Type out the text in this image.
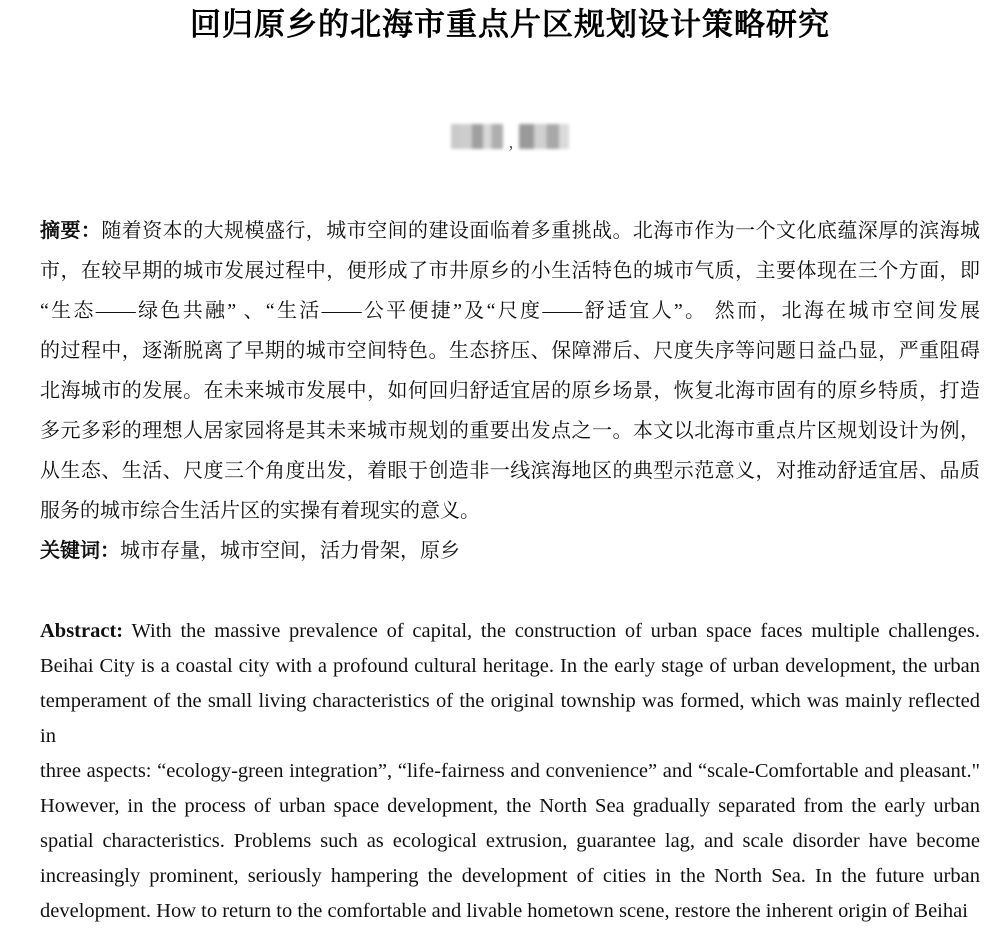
回归原乡的北海市重点片区规划设计策略研究
,
摘要：随着资本的大规模盛行，城市空间的建设面临着多重挑战。北海市作为一个文化底蕴深厚的滨海城
市，在较早期的城市发展过程中，便形成了市井原乡的小生活特色的城市气质，主要体现在三个方面，即
“生态——绿色共融” 、“生活——公平便捷”及“尺度——舒适宜人”。 然而，北海在城市空间发展
的过程中，逐渐脱离了早期的城市空间特色。生态挤压、保障滞后、尺度失序等问题日益凸显，严重阻碍
北海城市的发展。在未来城市发展中，如何回归舒适宜居的原乡场景，恢复北海市固有的原乡特质，打造
多元多彩的理想人居家园将是其未来城市规划的重要出发点之一。本文以北海市重点片区规划设计为例，
从生态、生活、尺度三个角度出发，着眼于创造非一线滨海地区的典型示范意义，对推动舒适宜居、品质
服务的城市综合生活片区的实操有着现实的意义。
关键词：城市存量，城市空间，活力骨架，原乡
Abstract: With the massive prevalence of capital, the construction of urban space faces multiple challenges.
Beihai City is a coastal city with a profound cultural heritage. In the early stage of urban development, the urban
temperament of the small living characteristics of the original township was formed, which was mainly reflected in
three aspects: “ecology-green integration”, “life-fairness and convenience” and “scale-Comfortable and pleasant."
However, in the process of urban space development, the North Sea gradually separated from the early urban
spatial characteristics. Problems such as ecological extrusion, guarantee lag, and scale disorder have become
increasingly prominent, seriously hampering the development of cities in the North Sea. In the future urban
development. How to return to the comfortable and livable hometown scene, restore the inherent origin of Beihai
